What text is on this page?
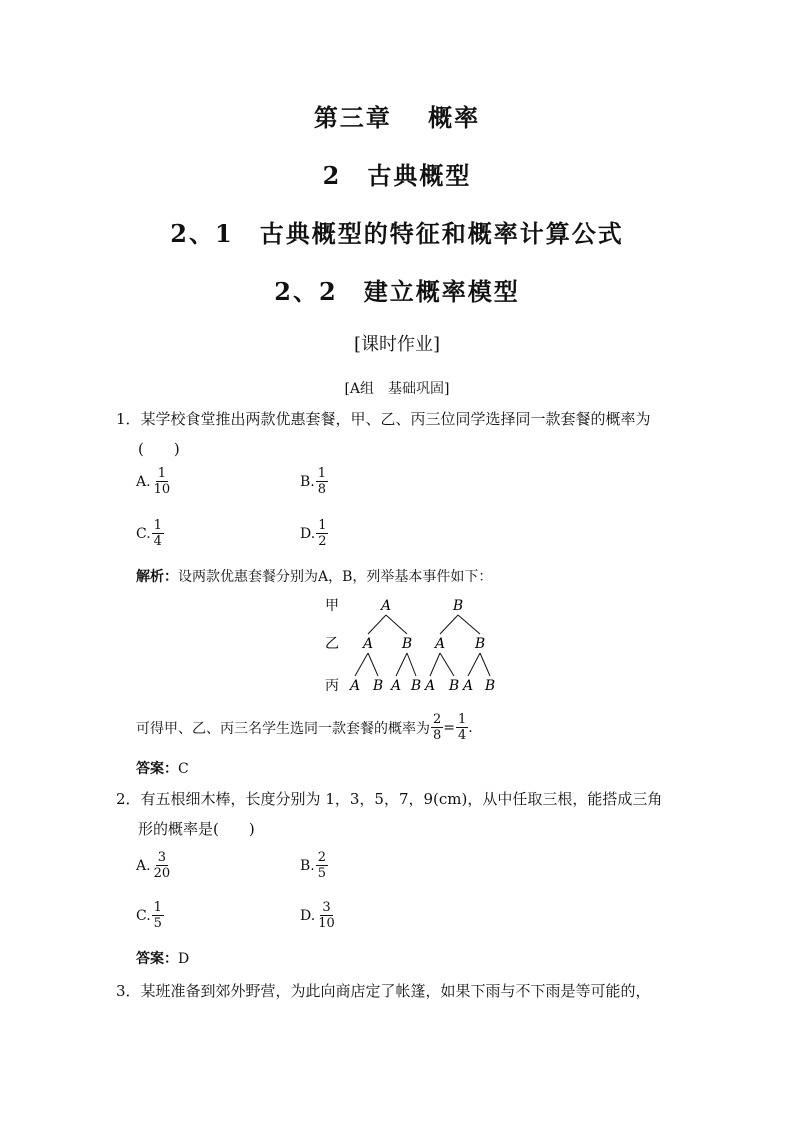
第三章　 概率
2　古典概型
2、1　古典概型的特征和概率计算公式
2、2　建立概率模型
[课时作业]
[A组　基础巩固]
1．某学校食堂推出两款优惠套餐，甲、乙、丙三位同学选择同一款套餐的概率为
(　　)
A. $\frac{1}{10}$	B. $\frac{1}{8}$
C. $\frac{1}{4}$	D. $\frac{1}{2}$
解析：设两款优惠套餐分别为A，B，列举基本事件如下：
甲
乙
丙
A	B
A B A B
A B A B A B A B
可得甲、乙、丙三名学生选同一款套餐的概率为 $\frac{2}{8} = \frac{1}{4}$ .
答案：C
2．有五根细木棒，长度分别为 1，3，5，7，9(cm)，从中任取三根，能搭成三角
形的概率是(　　)
A. $\frac{3}{20}$	B. $\frac{2}{5}$
C. $\frac{1}{5}$	D. $\frac{3}{10}$
答案：D
3．某班准备到郊外野营，为此向商店定了帐篷，如果下雨与不下雨是等可能的，
